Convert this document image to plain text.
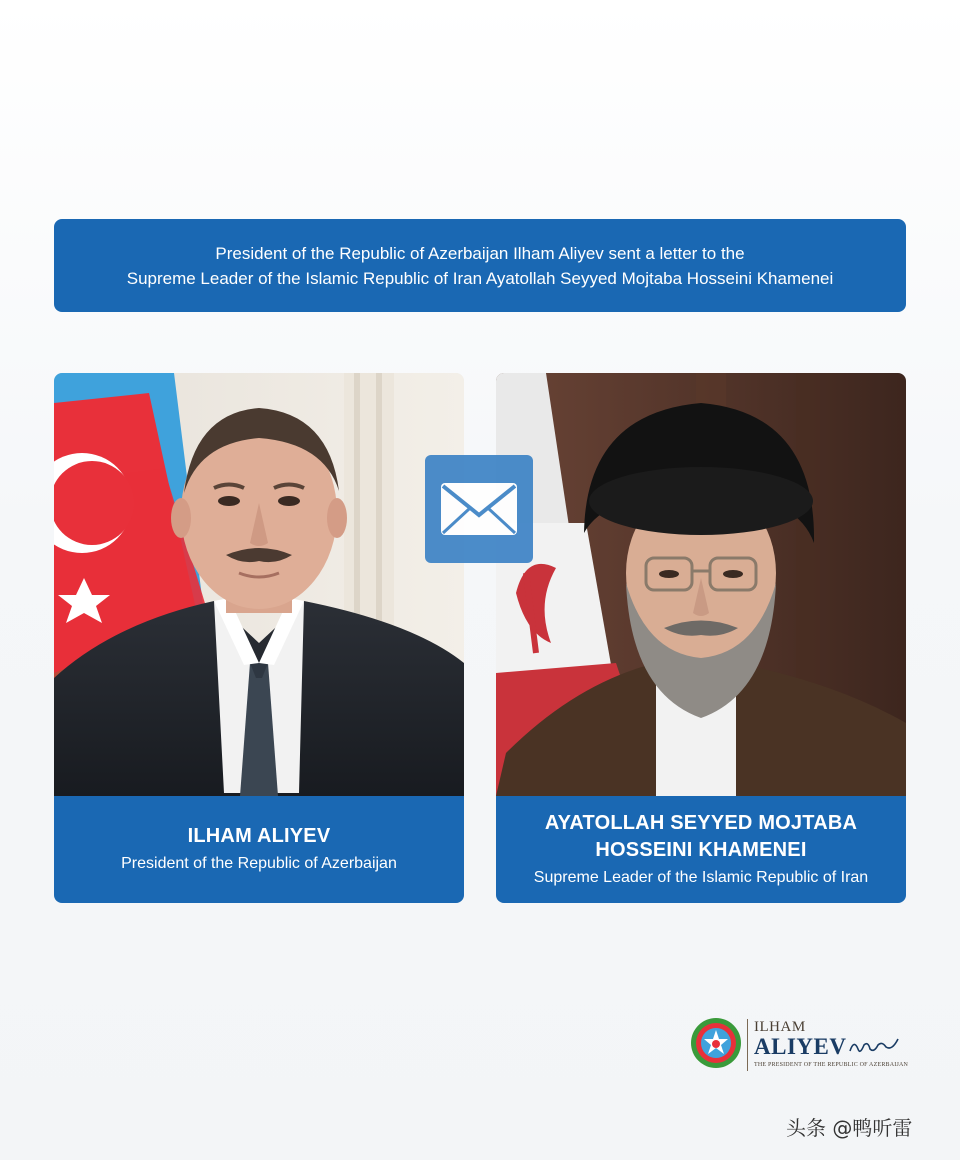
President of the Republic of Azerbaijan Ilham Aliyev sent a letter to the
Supreme Leader of the Islamic Republic of Iran Ayatollah Seyyed Mojtaba Hosseini Khamenei
ILHAM ALIYEV
President of the Republic of Azerbaijan
AYATOLLAH SEYYED MOJTABA
HOSSEINI KHAMENEI
Supreme Leader of the Islamic Republic of Iran
ILHAM
ALIYEV
THE PRESIDENT OF THE REPUBLIC OF AZERBAIJAN
头条 @鸭听雷
